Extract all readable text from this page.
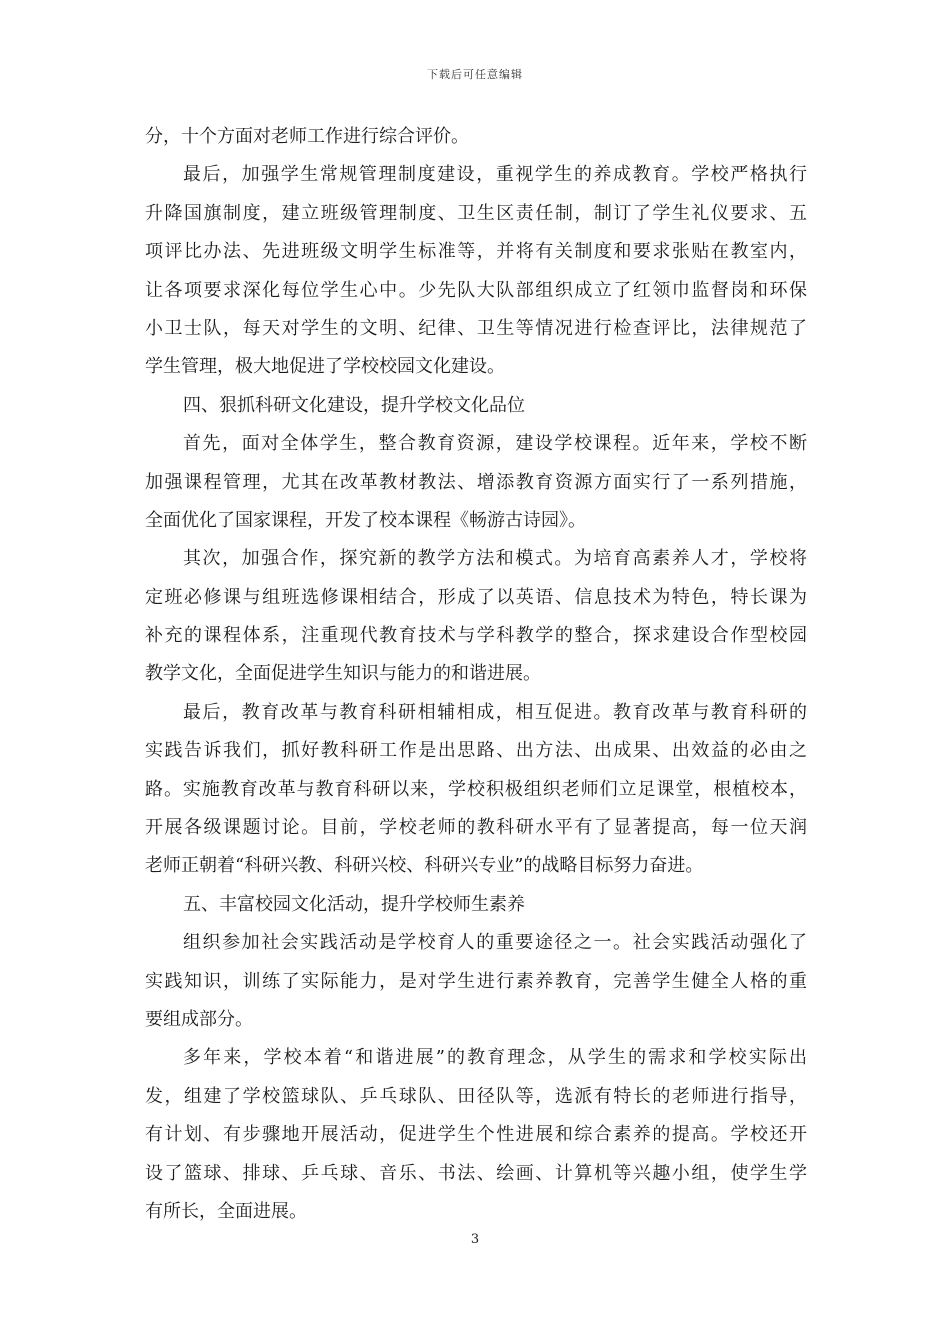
下载后可任意编辑
分，十个方面对老师工作进行综合评价。
最后，加强学生常规管理制度建设，重视学生的养成教育。学校严格执行
升降国旗制度，建立班级管理制度、卫生区责任制，制订了学生礼仪要求、五
项评比办法、先进班级文明学生标准等，并将有关制度和要求张贴在教室内，
让各项要求深化每位学生心中。少先队大队部组织成立了红领巾监督岗和环保
小卫士队，每天对学生的文明、纪律、卫生等情况进行检查评比，法律规范了
学生管理，极大地促进了学校校园文化建设。
四、狠抓科研文化建设，提升学校文化品位
首先，面对全体学生，整合教育资源，建设学校课程。近年来，学校不断
加强课程管理，尤其在改革教材教法、增添教育资源方面实行了一系列措施，
全面优化了国家课程，开发了校本课程《畅游古诗园》。
其次，加强合作，探究新的教学方法和模式。为培育高素养人才，学校将
定班必修课与组班选修课相结合，形成了以英语、信息技术为特色，特长课为
补充的课程体系，注重现代教育技术与学科教学的整合，探求建设合作型校园
教学文化，全面促进学生知识与能力的和谐进展。
最后，教育改革与教育科研相辅相成，相互促进。教育改革与教育科研的
实践告诉我们，抓好教科研工作是出思路、出方法、出成果、出效益的必由之
路。实施教育改革与教育科研以来，学校积极组织老师们立足课堂，根植校本，
开展各级课题讨论。目前，学校老师的教科研水平有了显著提高，每一位天润
老师正朝着“科研兴教、科研兴校、科研兴专业”的战略目标努力奋进。
五、丰富校园文化活动，提升学校师生素养
组织参加社会实践活动是学校育人的重要途径之一。社会实践活动强化了
实践知识，训练了实际能力，是对学生进行素养教育，完善学生健全人格的重
要组成部分。
多年来，学校本着“和谐进展”的教育理念，从学生的需求和学校实际出
发，组建了学校篮球队、乒乓球队、田径队等，选派有特长的老师进行指导，
有计划、有步骤地开展活动，促进学生个性进展和综合素养的提高。学校还开
设了篮球、排球、乒乓球、音乐、书法、绘画、计算机等兴趣小组，使学生学
有所长，全面进展。
3
